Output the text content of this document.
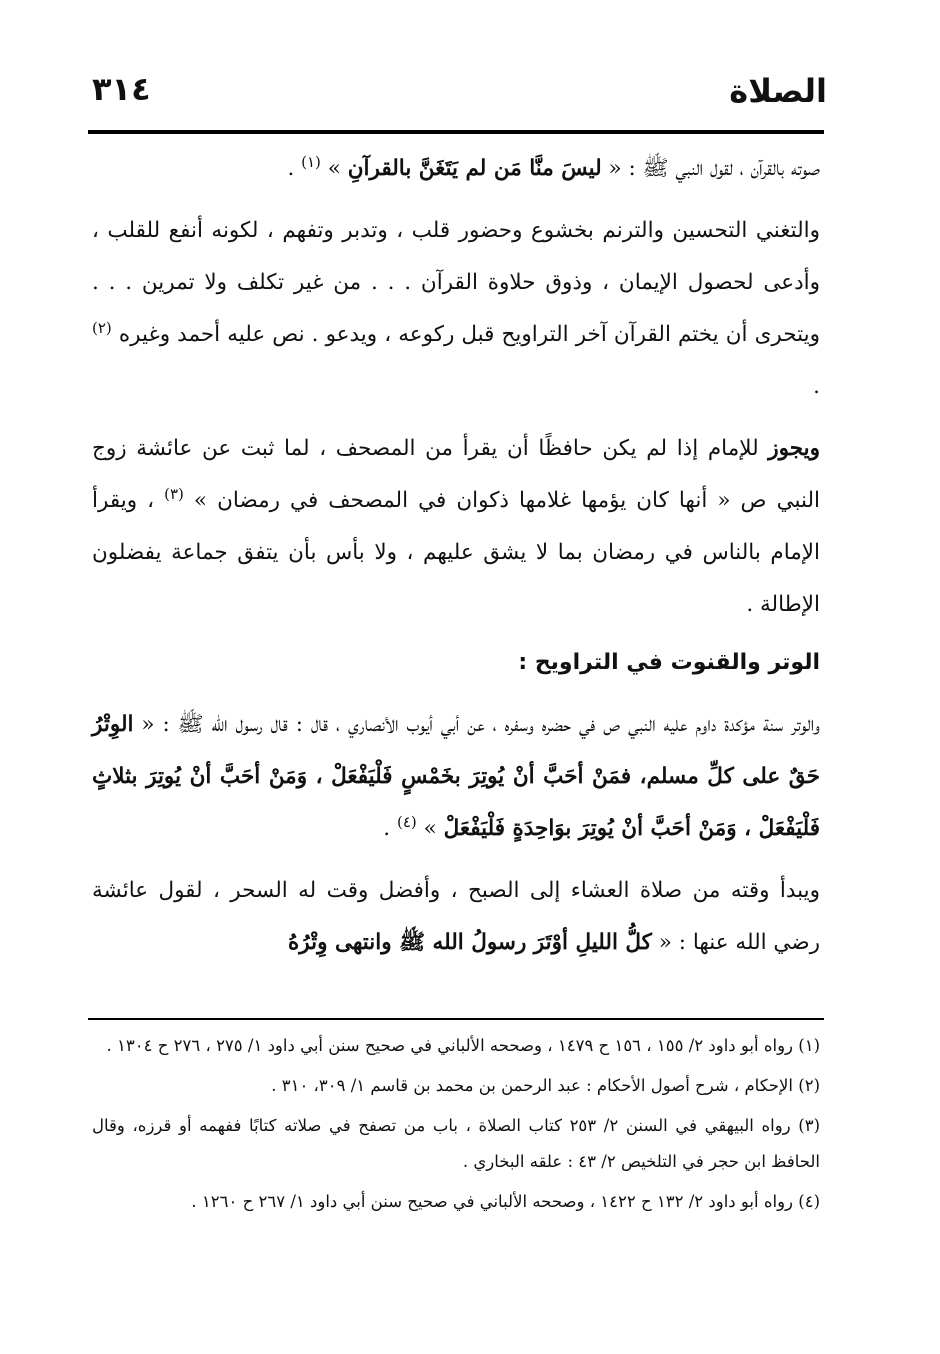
الصلاة
٣١٤

صوته بالقرآن ، لقول النبي ﷺ : « ليسَ منَّا مَن لم يَتَغَنَّ بالقرآنِ » $^{(١)}$ .

والتغني التحسين والترنم بخشوع وحضور قلب ، وتدبر وتفهم ، لكونه أنفع للقلب ، وأدعى لحصول الإيمان ، وذوق حلاوة القرآن . . . من غير تكلف ولا تمرين . . . ويتحرى أن يختم القرآن آخر التراويح قبل ركوعه ، ويدعو . نص عليه أحمد وغيره $^{(٢)}$ .

ويجوز للإمام إذا لم يكن حافظًا أن يقرأ من المصحف ، لما ثبت عن عائشة زوج النبي ص « أنها كان يؤمها غلامها ذكوان في المصحف في رمضان » $^{(٣)}$ ، ويقرأ الإمام بالناس في رمضان بما لا يشق عليهم ، ولا بأس بأن يتفق جماعة يفضلون الإطالة .

الوتر والقنوت في التراويح :

والوتر سنة مؤكدة داوم عليه النبي ص في حضره وسفره ، عن أبي أيوب الأنصاري ، قال : قال رسول الله ﷺ : « الوِتْرُ حَقٌ على كلِّ مسلم، فمَنْ أحَبَّ أنْ يُوتِرَ بخَمْسٍ فَلْيَفْعَلْ ، وَمَنْ أحَبَّ أنْ يُوتِرَ بثلاثٍ فَلْيَفْعَلْ ، وَمَنْ أحَبَّ أنْ يُوتِرَ بوَاحِدَةٍ فَلْيَفْعَلْ » $^{(٤)}$ .

ويبدأ وقته من صلاة العشاء إلى الصبح ، وأفضل وقت له السحر ، لقول عائشة رضي الله عنها : « كلُّ الليلِ أوْتَرَ رسولُ الله ﷺ وانتهى وِتْرُهُ

(١) رواه أبو داود ٢/ ١٥٥ ، ١٥٦ ح ١٤٧٩ ، وصححه الألباني في صحيح سنن أبي داود ١/ ٢٧٥ ، ٢٧٦ ح ١٣٠٤ .

(٢) الإحكام ، شرح أصول الأحكام : عبد الرحمن بن محمد بن قاسم ١/ ٣٠٩، ٣١٠ .

(٣) رواه البيهقي في السنن ٢/ ٢٥٣ كتاب الصلاة ، باب من تصفح في صلاته كتابًا ففهمه أو قرزه، وقال الحافظ ابن حجر في التلخيص ٢/ ٤٣ : علقه البخاري .

(٤) رواه أبو داود ٢/ ١٣٢ ح ١٤٢٢ ، وصححه الألباني في صحيح سنن أبي داود ١/ ٢٦٧ ح ١٢٦٠ .
